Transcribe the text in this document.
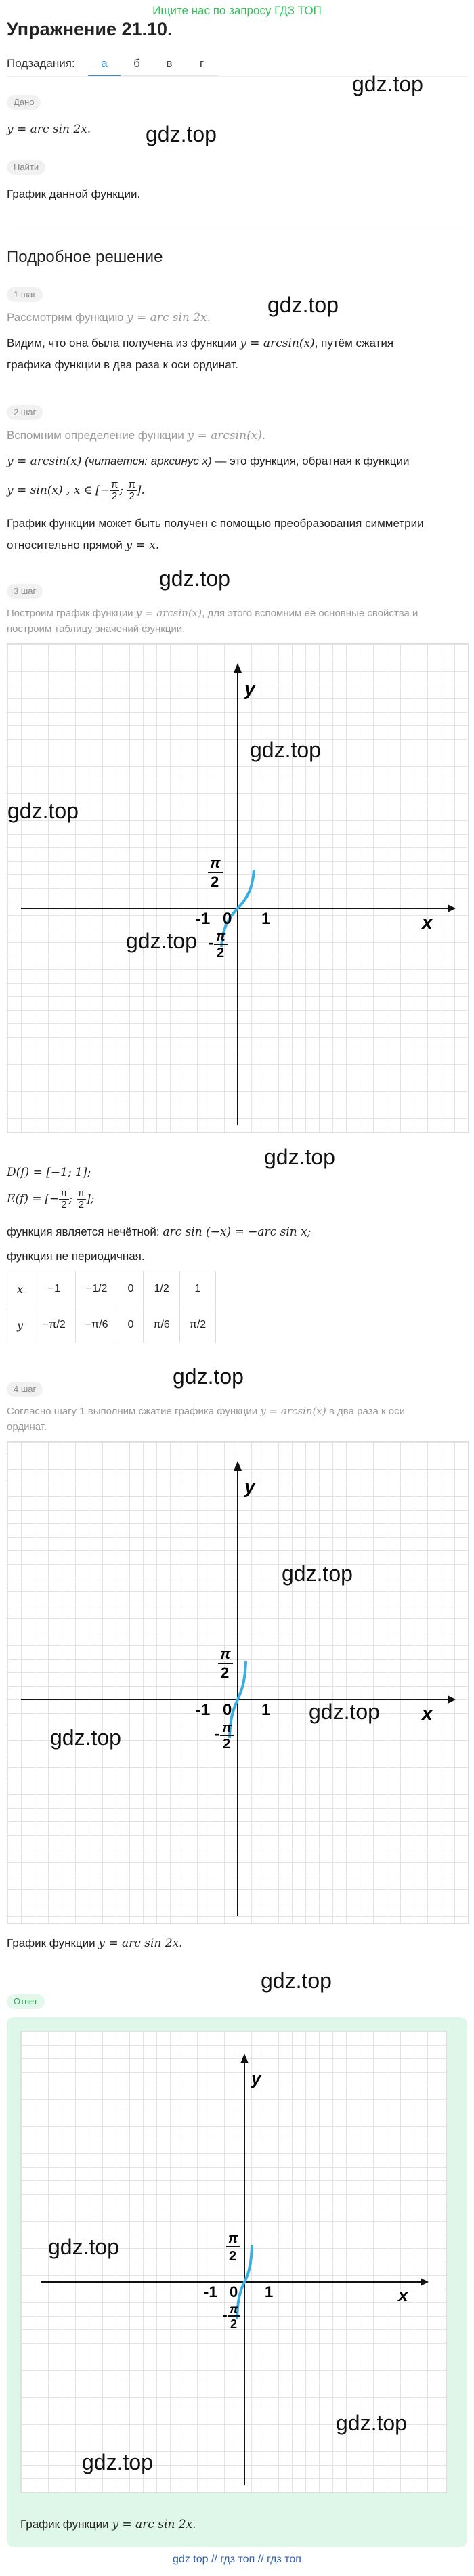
Ищите нас по запросу ГДЗ ТОП
Упражнение 21.10.
Подзадания:	а	б	в	г
gdz.top
Дано
y = arc sin 2x.	gdz.top
Найти
График данной функции.
Подробное решение
1 шаг
Рассмотрим функцию y = arc sin 2x.
gdz.top
Видим, что она была получена из функции y = arcsin(x), путём сжатия
графика функции в два раза к оси ординат.
2 шаг
Вспомним определение функции y = arcsin(x).
y = arcsin(x) (читается: арксинус x) — это функция, обратная к функции
y = sin(x) , x ∈ [− $\frac{\pi}{2}$ ; $\frac{\pi}{2}$ ].
График функции может быть получен с помощью преобразования симметрии
относительно прямой y = x.
gdz.top
3 шаг
Построим график функции y = arcsin(x), для этого вспомним её основные свойства и
построим таблицу значений функции.
x
y
π
2
-1 0 1
- π
2
gdz.top
gdz.top
gdz.top
gdz.top
D(f) = [−1; 1];
E(f) = [− $\frac{\pi}{2}$ ; $\frac{\pi}{2}$ ];
функция является нечётной: arc sin (−x) = −arc sin x;
функция не периодичная.
x	−1	−1/2	0	1/2	1
y	−π/2	−π/6	0	π/6	π/2
gdz.top
4 шаг
Согласно шагу 1 выполним сжатие графика функции y = arcsin(x) в два раза к оси
ординат.
x
y
π
2
-1 0 1
- π
2
gdz.top
gdz.top
gdz.top
График функции y = arc sin 2x.
gdz.top
Ответ
x
y
π
2
-1 0 1
- π
2
gdz.top
gdz.top
gdz.top
График функции y = arc sin 2x.
gdz top // гдз топ // гдз топ
